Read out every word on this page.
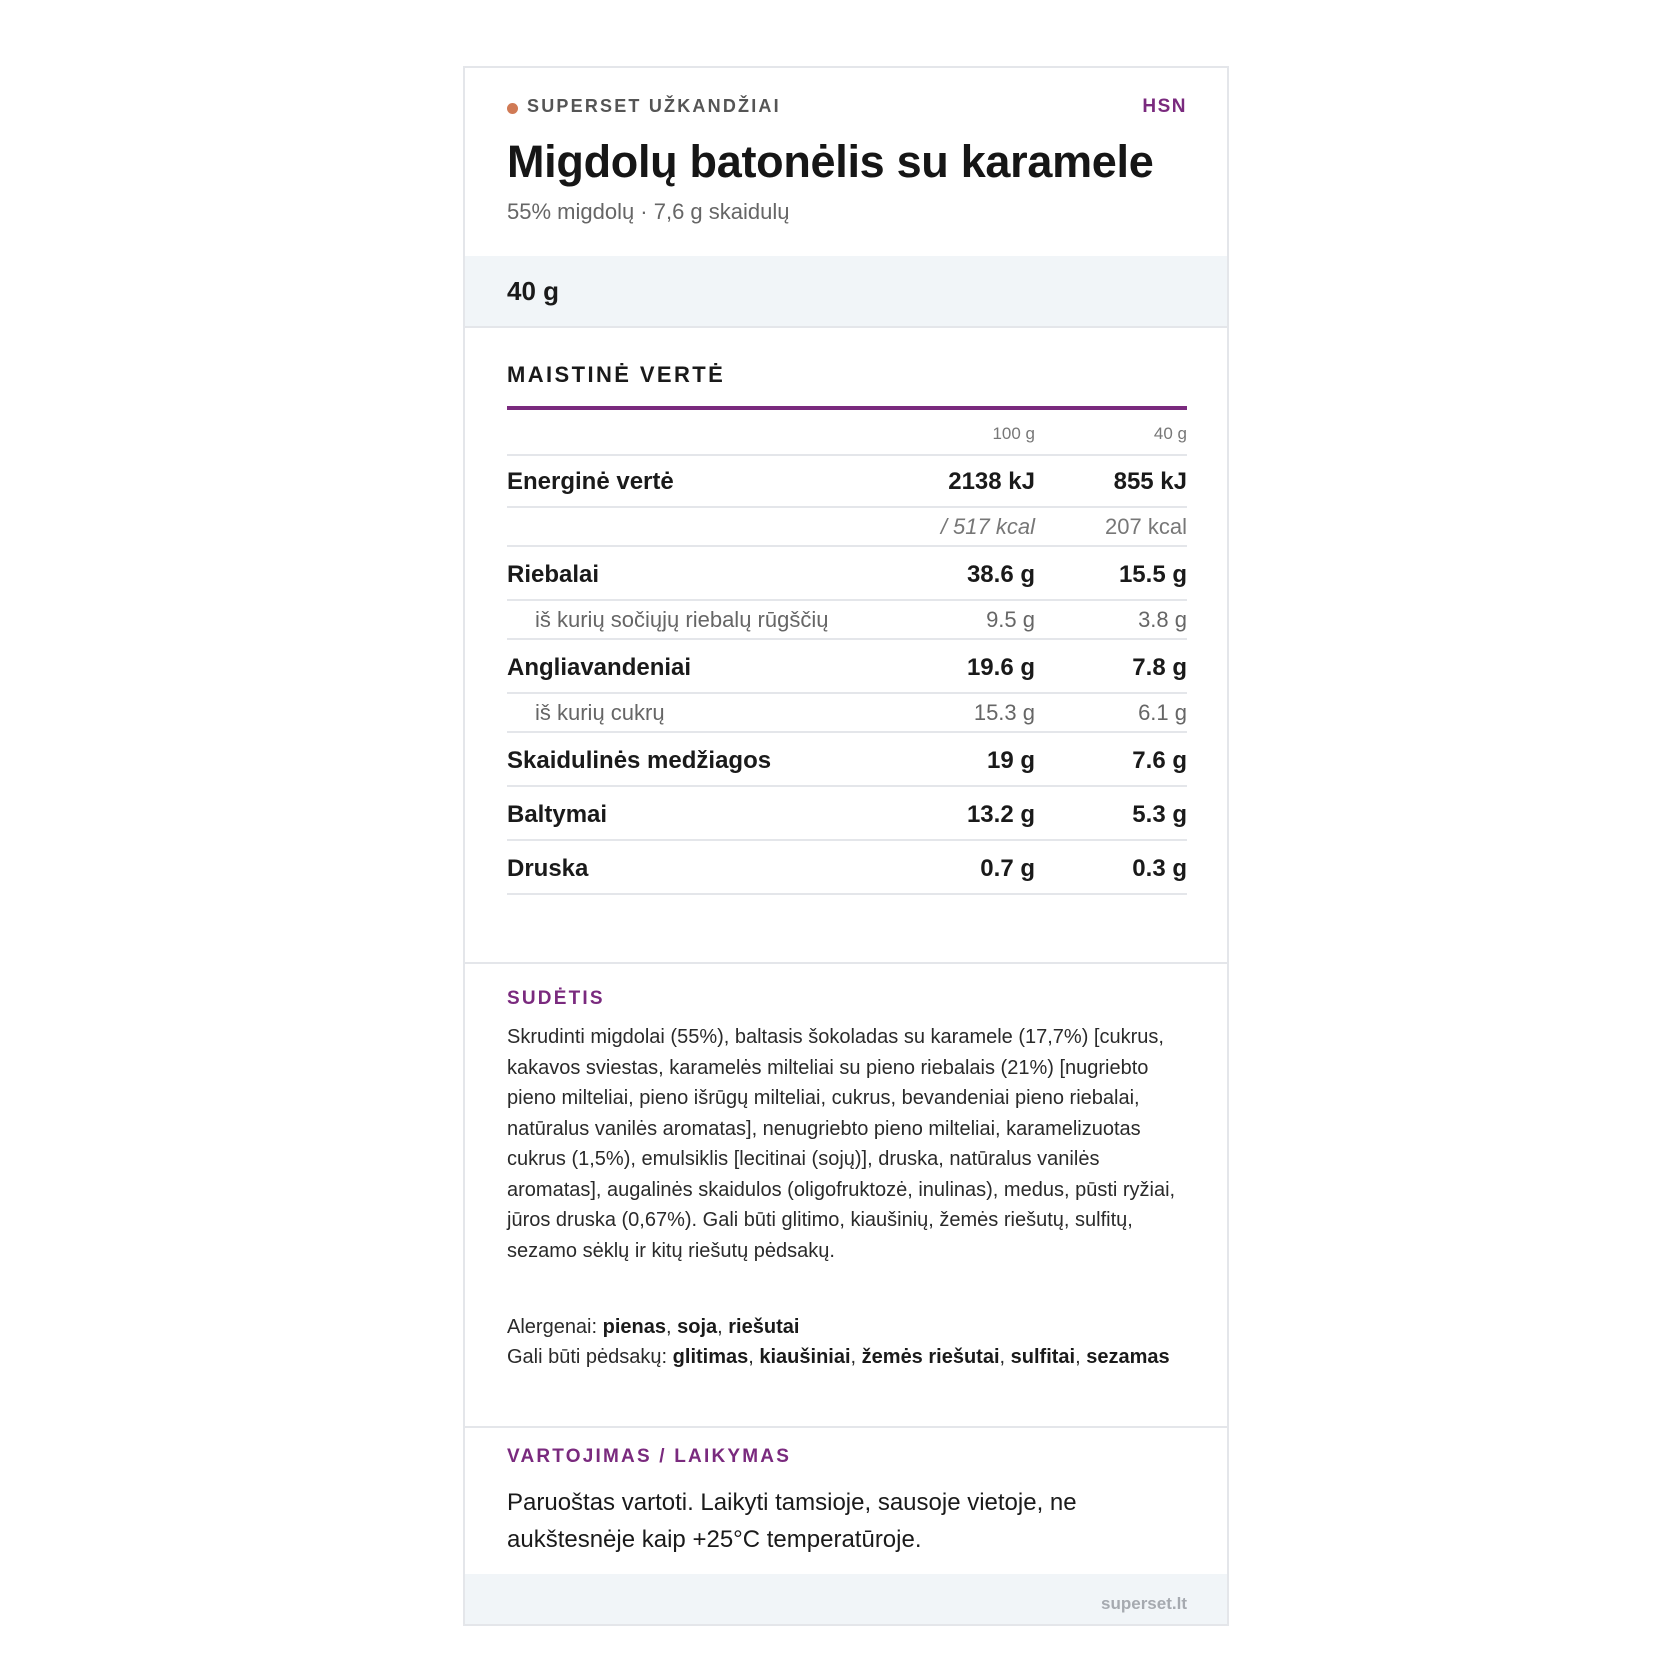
SUPERSET UŽKANDŽIAI	HSN
Migdolų batonėlis su karamele
55% migdolų · 7,6 g skaidulų
40 g
MAISTINĖ VERTĖ
100 g	40 g
Energinė vertė	2138 kJ	855 kJ
/ 517 kcal	207 kcal
Riebalai	38.6 g	15.5 g
iš kurių sočiųjų riebalų rūgščių	9.5 g	3.8 g
Angliavandeniai	19.6 g	7.8 g
iš kurių cukrų	15.3 g	6.1 g
Skaidulinės medžiagos	19 g	7.6 g
Baltymai	13.2 g	5.3 g
Druska	0.7 g	0.3 g
SUDĖTIS
Skrudinti migdolai (55%), baltasis šokoladas su karamele (17,7%) [cukrus, kakavos sviestas, karamelės milteliai su pieno riebalais (21%) [nugriebto pieno milteliai, pieno išrūgų milteliai, cukrus, bevandeniai pieno riebalai, natūralus vanilės aromatas], nenugriebto pieno milteliai, karamelizuotas cukrus (1,5%), emulsiklis [lecitinai (sojų)], druska, natūralus vanilės aromatas], augalinės skaidulos (oligofruktozė, inulinas), medus, pūsti ryžiai, jūros druska (0,67%). Gali būti glitimo, kiaušinių, žemės riešutų, sulfitų, sezamo sėklų ir kitų riešutų pėdsakų.
Alergenai: pienas, soja, riešutai
Gali būti pėdsakų: glitimas, kiaušiniai, žemės riešutai, sulfitai, sezamas
VARTOJIMAS / LAIKYMAS
Paruoštas vartoti. Laikyti tamsioje, sausoje vietoje, ne aukštesnėje kaip +25°C temperatūroje.
superset.lt
